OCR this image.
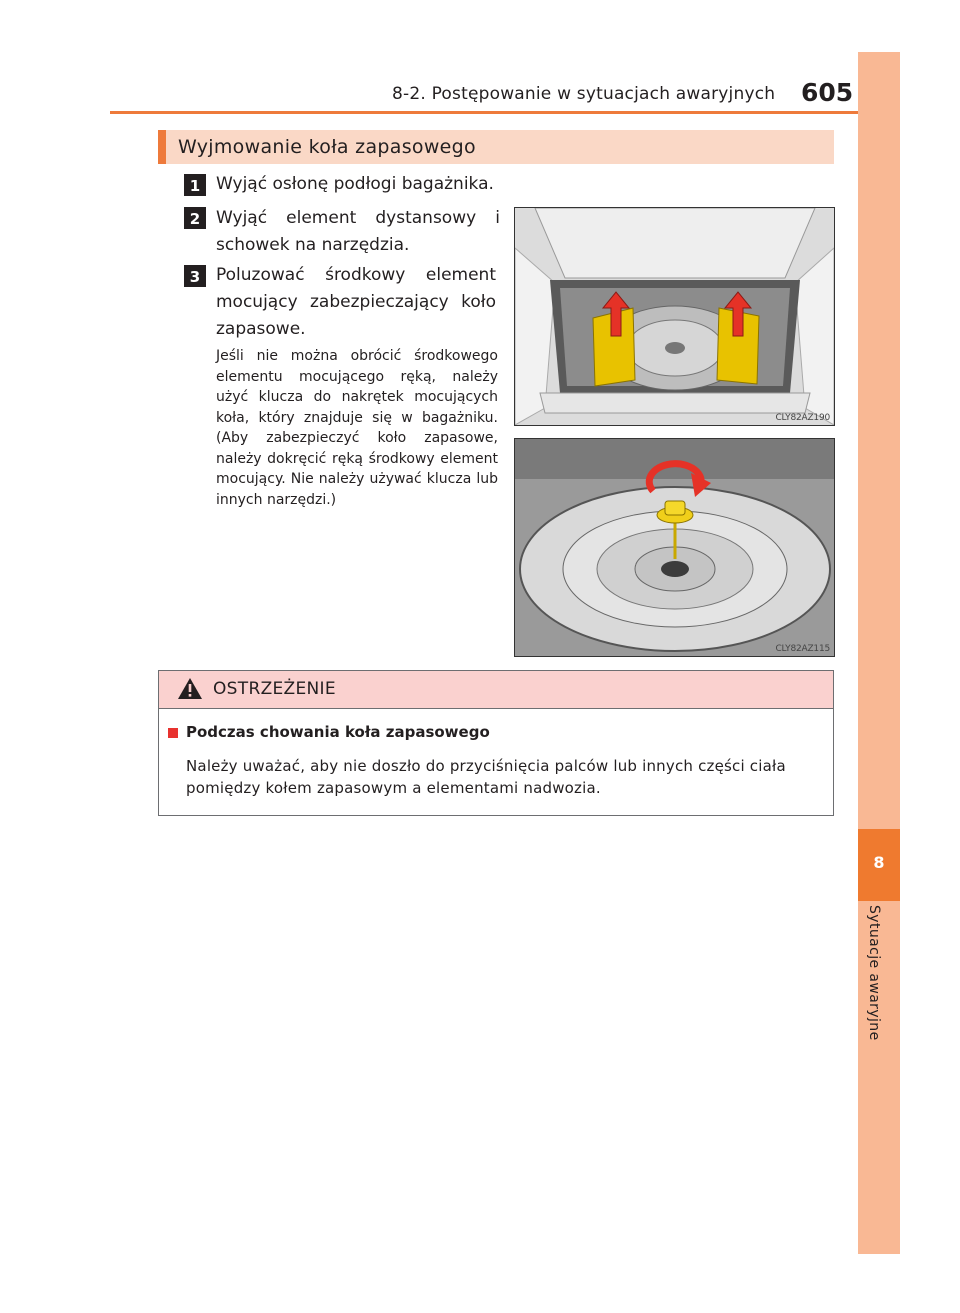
8-2. Postępowanie w sytuacjach awaryjnych 605
8
Sytuacje awaryjne
Wyjmowanie koła zapasowego
1 Wyjąć osłonę podłogi bagażnika.
2 Wyjąć element dystansowy i schowek na narzędzia.
3 Poluzować środkowy element mocujący zabezpieczający koło zapasowe.
Jeśli nie można obrócić środkowego elementu mocującego ręką, należy użyć klucza do nakrętek mocujących koła, który znajduje się w bagażniku. (Aby zabezpieczyć koło zapasowe, należy dokręcić ręką środkowy element mocujący. Nie należy używać klucza lub innych narzędzi.)
CLY82AZ190
CLY82AZ115
OSTRZEŻENIE
Podczas chowania koła zapasowego
Należy uważać, aby nie doszło do przyciśnięcia palców lub innych części ciała pomiędzy kołem zapasowym a elementami nadwozia.
